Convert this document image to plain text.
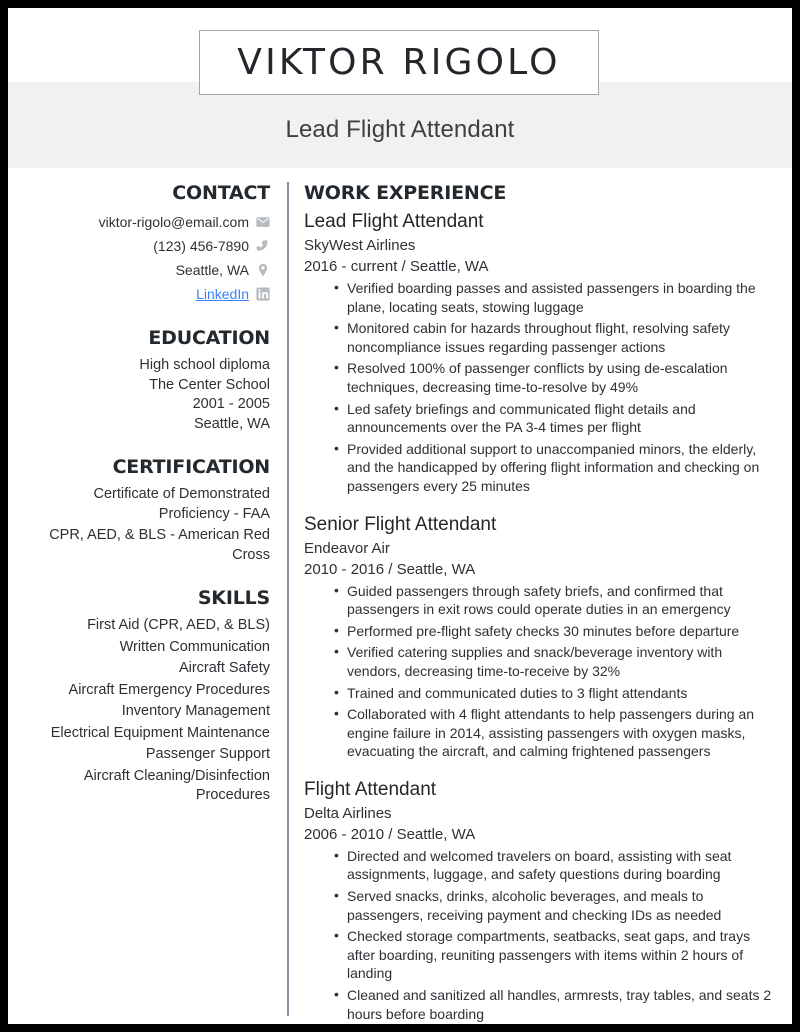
VIKTOR RIGOLO
Lead Flight Attendant
CONTACT
viktor-rigolo@email.com
(123) 456-7890
Seattle, WA
LinkedIn
EDUCATION
High school diploma
The Center School
2001 - 2005
Seattle, WA
CERTIFICATION
Certificate of Demonstrated Proficiency - FAA
CPR, AED, & BLS - American Red Cross
SKILLS
First Aid (CPR, AED, & BLS)
Written Communication
Aircraft Safety
Aircraft Emergency Procedures
Inventory Management
Electrical Equipment Maintenance
Passenger Support
Aircraft Cleaning/Disinfection Procedures
WORK EXPERIENCE
Lead Flight Attendant
SkyWest Airlines
2016 - current / Seattle, WA
• Verified boarding passes and assisted passengers in boarding the plane, locating seats, stowing luggage
• Monitored cabin for hazards throughout flight, resolving safety noncompliance issues regarding passenger actions
• Resolved 100% of passenger conflicts by using de-escalation techniques, decreasing time-to-resolve by 49%
• Led safety briefings and communicated flight details and announcements over the PA 3-4 times per flight
• Provided additional support to unaccompanied minors, the elderly, and the handicapped by offering flight information and checking on passengers every 25 minutes
Senior Flight Attendant
Endeavor Air
2010 - 2016 / Seattle, WA
• Guided passengers through safety briefs, and confirmed that passengers in exit rows could operate duties in an emergency
• Performed pre-flight safety checks 30 minutes before departure
• Verified catering supplies and snack/beverage inventory with vendors, decreasing time-to-receive by 32%
• Trained and communicated duties to 3 flight attendants
• Collaborated with 4 flight attendants to help passengers during an engine failure in 2014, assisting passengers with oxygen masks, evacuating the aircraft, and calming frightened passengers
Flight Attendant
Delta Airlines
2006 - 2010 / Seattle, WA
• Directed and welcomed travelers on board, assisting with seat assignments, luggage, and safety questions during boarding
• Served snacks, drinks, alcoholic beverages, and meals to passengers, receiving payment and checking IDs as needed
• Checked storage compartments, seatbacks, seat gaps, and trays after boarding, reuniting passengers with items within 2 hours of landing
• Cleaned and sanitized all handles, armrests, tray tables, and seats 2 hours before boarding
